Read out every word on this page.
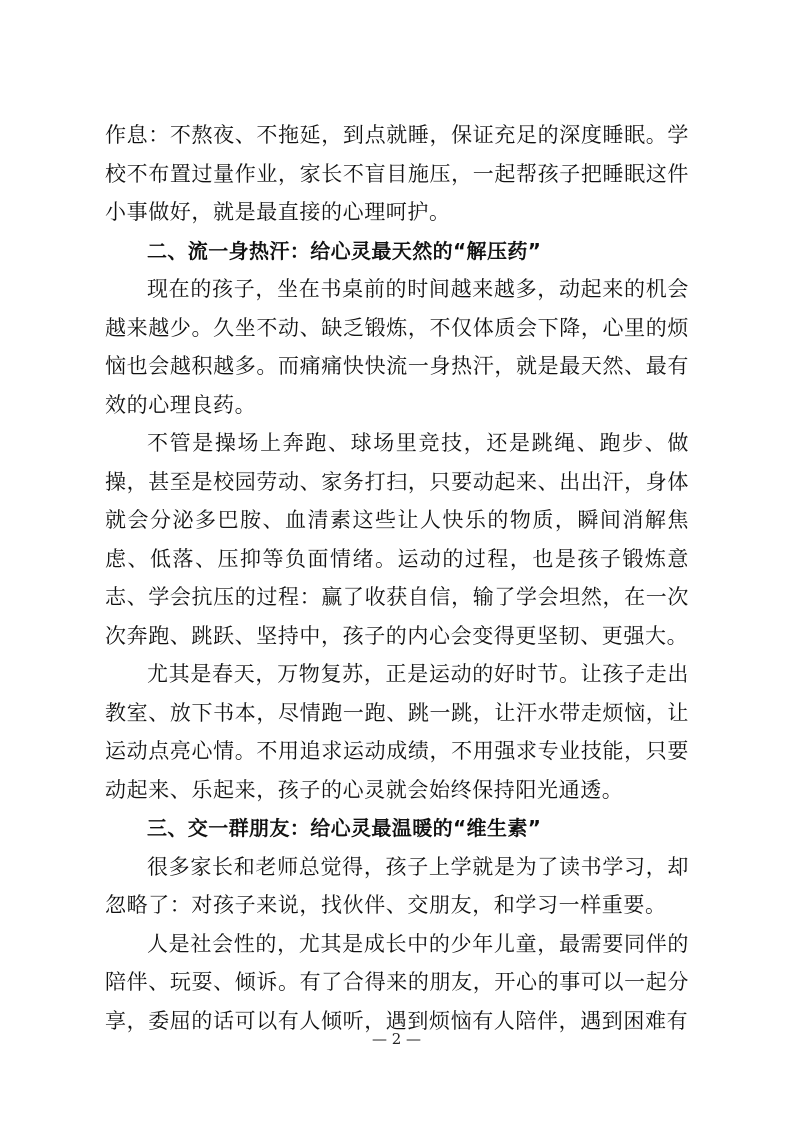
作息：不熬夜、不拖延，到点就睡，保证充足的深度睡眠。学校不布置过量作业，家长不盲目施压，一起帮孩子把睡眠这件小事做好，就是最直接的心理呵护。

二、流一身热汗：给心灵最天然的“解压药”

现在的孩子，坐在书桌前的时间越来越多，动起来的机会越来越少。久坐不动、缺乏锻炼，不仅体质会下降，心里的烦恼也会越积越多。而痛痛快快流一身热汗，就是最天然、最有效的心理良药。

不管是操场上奔跑、球场里竞技，还是跳绳、跑步、做操，甚至是校园劳动、家务打扫，只要动起来、出出汗，身体就会分泌多巴胺、血清素这些让人快乐的物质，瞬间消解焦虑、低落、压抑等负面情绪。运动的过程，也是孩子锻炼意志、学会抗压的过程：赢了收获自信，输了学会坦然，在一次次奔跑、跳跃、坚持中，孩子的内心会变得更坚韧、更强大。

尤其是春天，万物复苏，正是运动的好时节。让孩子走出教室、放下书本，尽情跑一跑、跳一跳，让汗水带走烦恼，让运动点亮心情。不用追求运动成绩，不用强求专业技能，只要动起来、乐起来，孩子的心灵就会始终保持阳光通透。

三、交一群朋友：给心灵最温暖的“维生素”

很多家长和老师总觉得，孩子上学就是为了读书学习，却忽略了：对孩子来说，找伙伴、交朋友，和学习一样重要。

人是社会性的，尤其是成长中的少年儿童，最需要同伴的陪伴、玩耍、倾诉。有了合得来的朋友，开心的事可以一起分享，委屈的话可以有人倾听，遇到烦恼有人陪伴，遇到困难有

— 2 —
